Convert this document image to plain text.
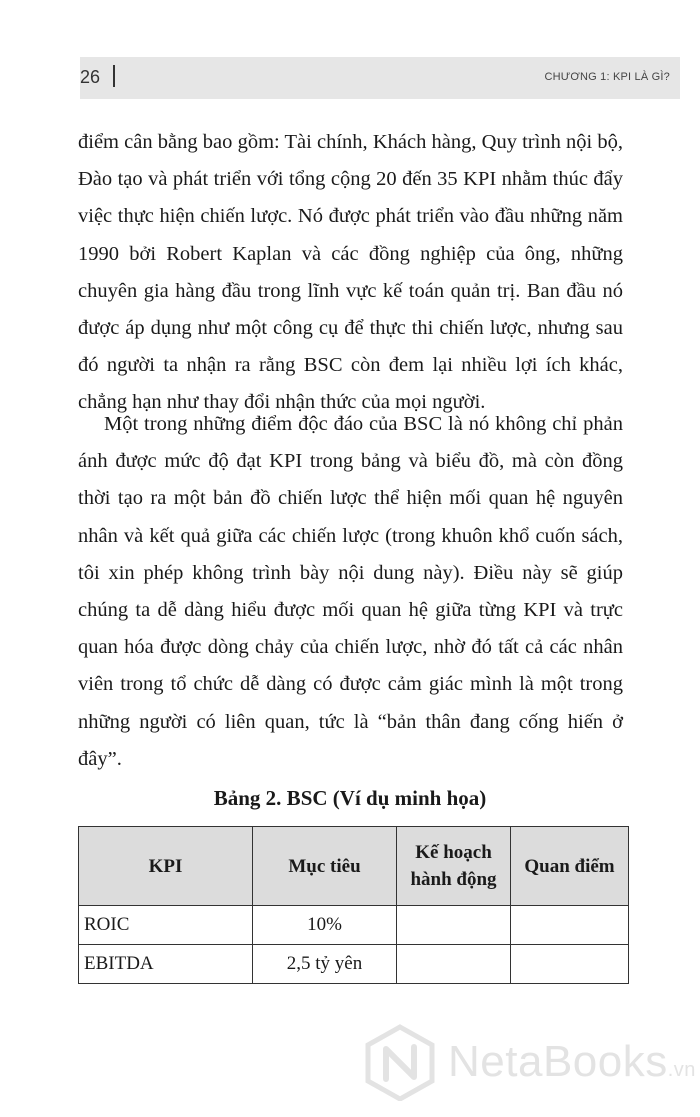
26	CHƯƠNG 1: KPI LÀ GÌ?

điểm cân bằng bao gồm: Tài chính, Khách hàng, Quy trình nội bộ, Đào tạo và phát triển với tổng cộng 20 đến 35 KPI nhằm thúc đẩy việc thực hiện chiến lược. Nó được phát triển vào đầu những năm 1990 bởi Robert Kaplan và các đồng nghiệp của ông, những chuyên gia hàng đầu trong lĩnh vực kế toán quản trị. Ban đầu nó được áp dụng như một công cụ để thực thi chiến lược, nhưng sau đó người ta nhận ra rằng BSC còn đem lại nhiều lợi ích khác, chẳng hạn như thay đổi nhận thức của mọi người.

Một trong những điểm độc đáo của BSC là nó không chỉ phản ánh được mức độ đạt KPI trong bảng và biểu đồ, mà còn đồng thời tạo ra một bản đồ chiến lược thể hiện mối quan hệ nguyên nhân và kết quả giữa các chiến lược (trong khuôn khổ cuốn sách, tôi xin phép không trình bày nội dung này). Điều này sẽ giúp chúng ta dễ dàng hiểu được mối quan hệ giữa từng KPI và trực quan hóa được dòng chảy của chiến lược, nhờ đó tất cả các nhân viên trong tổ chức dễ dàng có được cảm giác mình là một trong những người có liên quan, tức là “bản thân đang cống hiến ở đây”.

Bảng 2. BSC (Ví dụ minh họa)

KPI	Mục tiêu	Kế hoạch hành động	Quan điểm
ROIC	10%		
EBITDA	2,5 tỷ yên		
NetaBooks.vn
